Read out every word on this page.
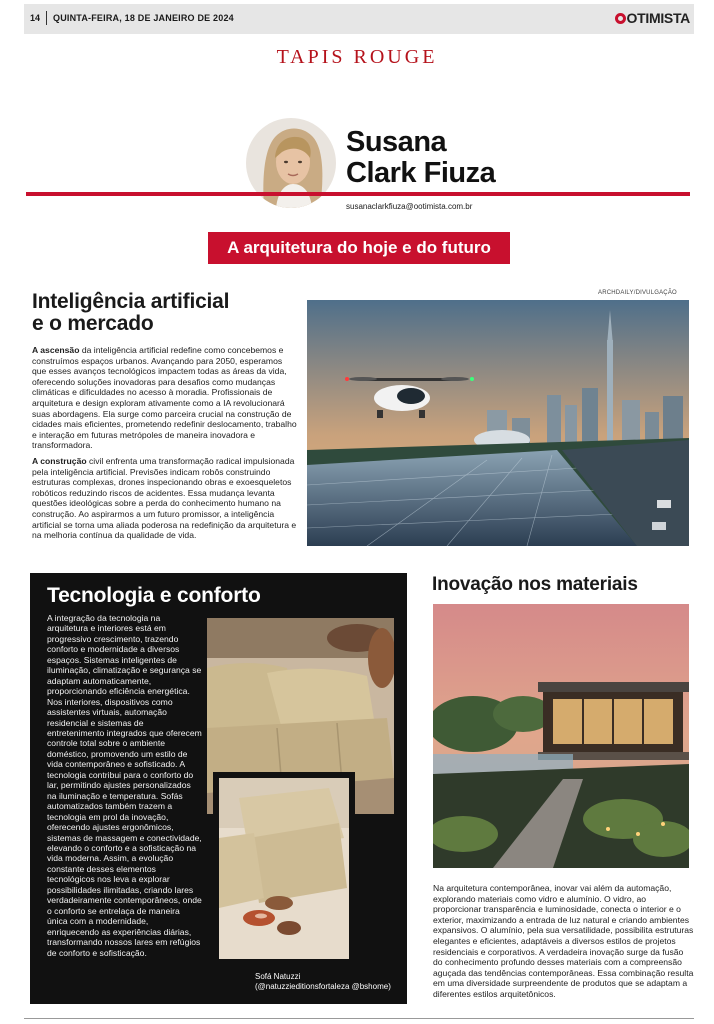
14 QUINTA-FEIRA, 18 DE JANEIRO DE 2024	OTIMISTA
TAPIS ROUGE
Susana
Clark Fiuza
susanaclarkfiuza@ootimista.com.br
A arquitetura do hoje e do futuro
Inteligência artificial
e o mercado
ARCHDAILY/DIVULGAÇÃO

A ascensão da inteligência artificial redefine como concebemos e construímos espaços urbanos. Avançando para 2050, esperamos que esses avanços tecnológicos impactem todas as áreas da vida, oferecendo soluções inovadoras para desafios como mudanças climáticas e dificuldades no acesso à moradia. Profissionais de arquitetura e design exploram ativamente como a IA revolucionará suas abordagens. Ela surge como parceira crucial na construção de cidades mais eficientes, prometendo redefinir deslocamento, trabalho e interação em futuras metrópoles de maneira inovadora e transformadora.

A construção civil enfrenta uma transformação radical impulsionada pela inteligência artificial. Previsões indicam robôs construindo estruturas complexas, drones inspecionando obras e exoesqueletos robóticos reduzindo riscos de acidentes. Essa mudança levanta questões ideológicas sobre a perda do conhecimento humano na construção. Ao aspirarmos a um futuro promissor, a inteligência artificial se torna uma aliada poderosa na redefinição da arquitetura e na melhoria contínua da qualidade de vida.

Tecnologia e conforto
A integração da tecnologia na arquitetura e interiores está em progressivo crescimento, trazendo conforto e modernidade a diversos espaços. Sistemas inteligentes de iluminação, climatização e segurança se adaptam automaticamente, proporcionando eficiência energética. Nos interiores, dispositivos como assistentes virtuais, automação residencial e sistemas de entretenimento integrados que oferecem controle total sobre o ambiente doméstico, promovendo um estilo de vida contemporâneo e sofisticado. A tecnologia contribui para o conforto do lar, permitindo ajustes personalizados na iluminação e temperatura. Sofás automatizados também trazem a tecnologia em prol da inovação, oferecendo ajustes ergonômicos, sistemas de massagem e conectividade, elevando o conforto e a sofisticação na vida moderna. Assim, a evolução constante desses elementos tecnológicos nos leva a explorar possibilidades ilimitadas, criando lares verdadeiramente contemporâneos, onde o conforto se entrelaça de maneira única com a modernidade, enriquecendo as experiências diárias, transformando nossos lares em refúgios de conforto e sofisticação.
Sofá Natuzzi
(@natuzzieditionsfortaleza @bshome)
Inovação nos materiais
Na arquitetura contemporânea, inovar vai além da automação, explorando materiais como vidro e alumínio. O vidro, ao proporcionar transparência e luminosidade, conecta o interior e o exterior, maximizando a entrada de luz natural e criando ambientes expansivos. O alumínio, pela sua versatilidade, possibilita estruturas elegantes e eficientes, adaptáveis a diversos estilos de projetos residenciais e corporativos. A verdadeira inovação surge da fusão do conhecimento profundo desses materiais com a compreensão aguçada das tendências contemporâneas. Essa combinação resulta em uma diversidade surpreendente de produtos que se adaptam a diferentes estilos arquitetônicos.
